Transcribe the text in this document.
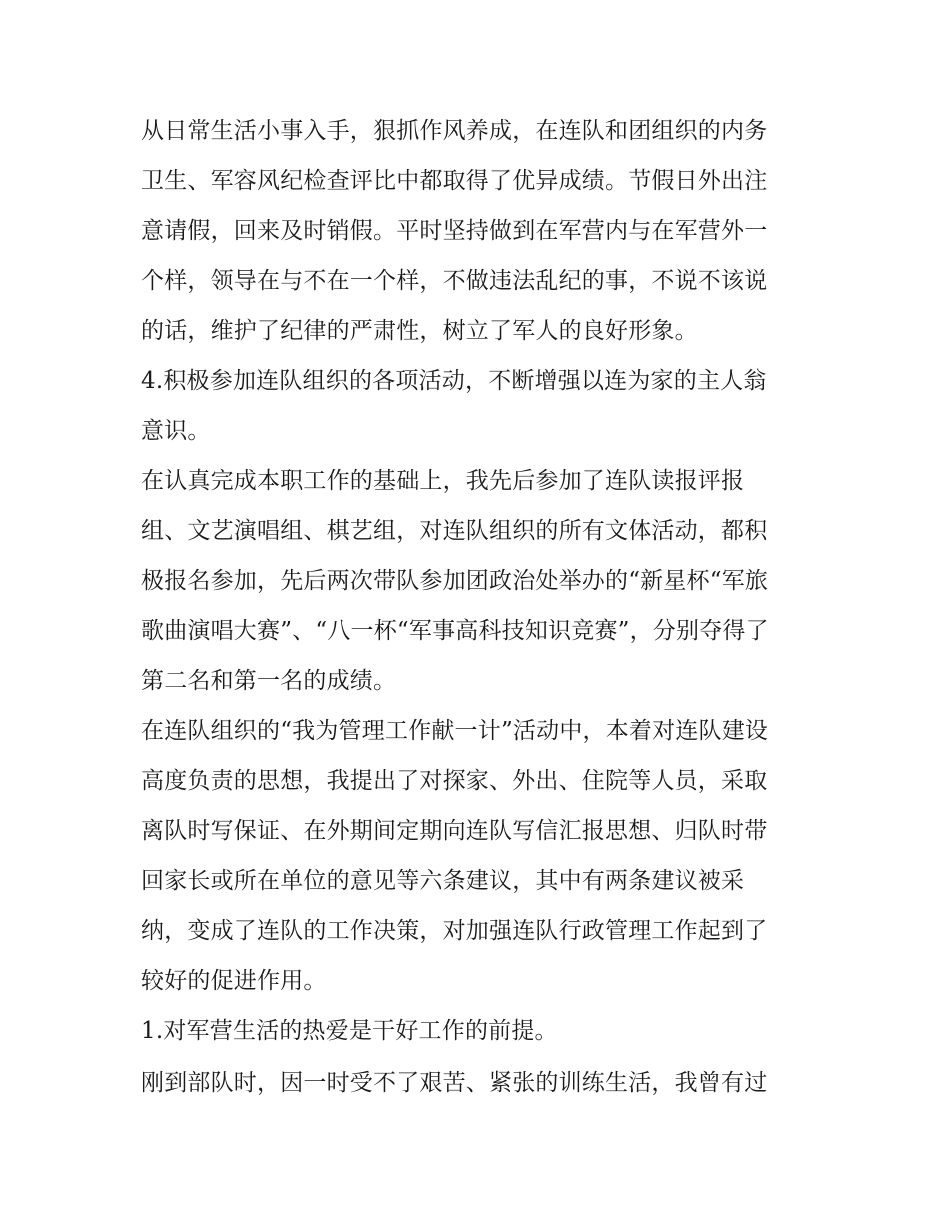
从日常生活小事入手，狠抓作风养成，在连队和团组织的内务
卫生、军容风纪检查评比中都取得了优异成绩。节假日外出注
意请假，回来及时销假。平时坚持做到在军营内与在军营外一
个样，领导在与不在一个样，不做违法乱纪的事，不说不该说
的话，维护了纪律的严肃性，树立了军人的良好形象。
4.积极参加连队组织的各项活动，不断增强以连为家的主人翁
意识。
在认真完成本职工作的基础上，我先后参加了连队读报评报
组、文艺演唱组、棋艺组，对连队组织的所有文体活动，都积
极报名参加，先后两次带队参加团政治处举办的“新星杯“军旅
歌曲演唱大赛”、“八一杯“军事高科技知识竞赛”，分别夺得了
第二名和第一名的成绩。
在连队组织的“我为管理工作献一计”活动中，本着对连队建设
高度负责的思想，我提出了对探家、外出、住院等人员，采取
离队时写保证、在外期间定期向连队写信汇报思想、归队时带
回家长或所在单位的意见等六条建议，其中有两条建议被采
纳，变成了连队的工作决策，对加强连队行政管理工作起到了
较好的促进作用。
1.对军营生活的热爱是干好工作的前提。
刚到部队时，因一时受不了艰苦、紧张的训练生活，我曾有过
